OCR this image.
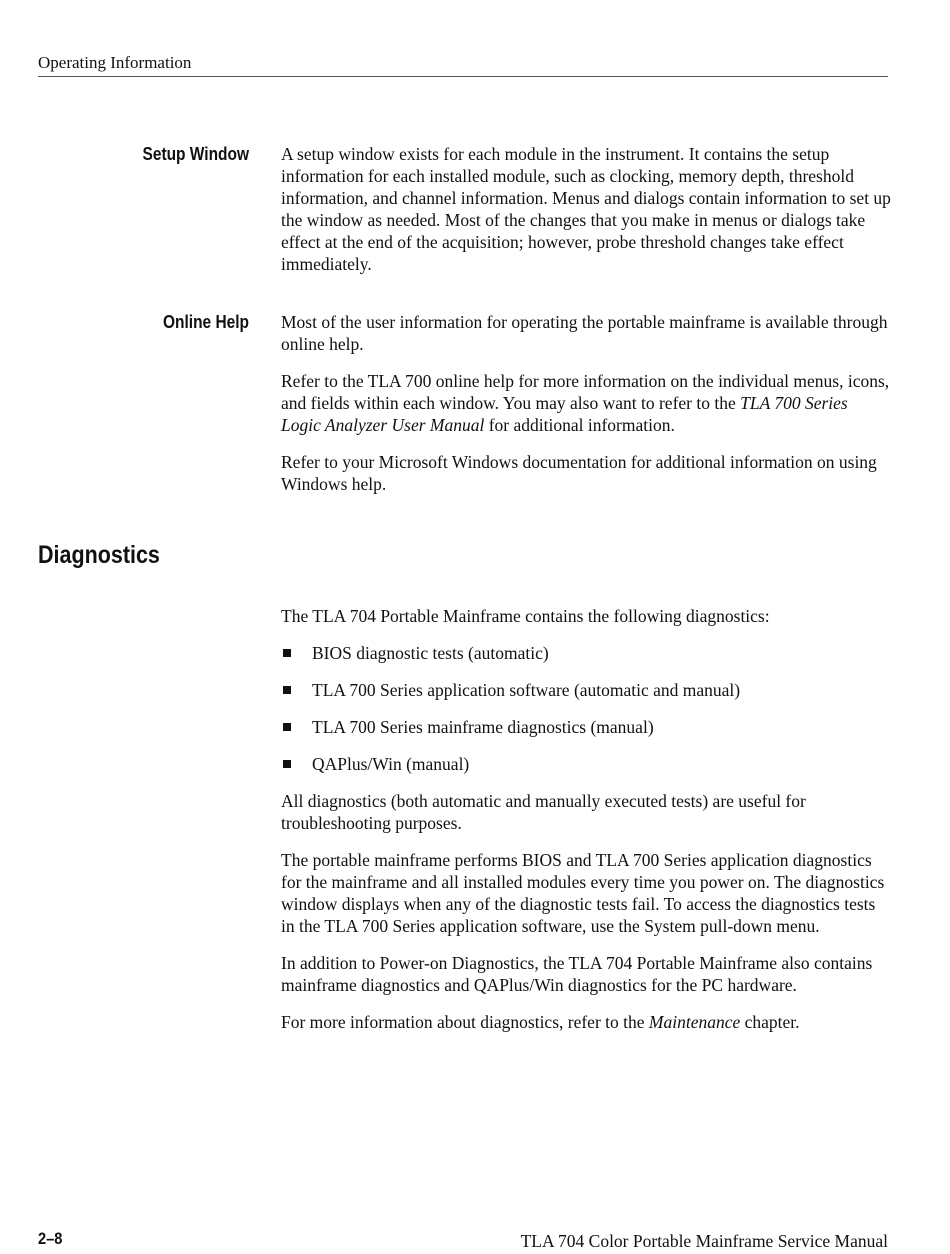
Operating Information
Setup Window A setup window exists for each module in the instrument. It contains the setup information for each installed module, such as clocking, memory depth, threshold information, and channel information. Menus and dialogs contain information to set up the window as needed. Most of the changes that you make in menus or dialogs take effect at the end of the acquisition; however, probe threshold changes take effect immediately.

Online Help Most of the user information for operating the portable mainframe is available through online help.

Refer to the TLA 700 online help for more information on the individual menus, icons, and fields within each window. You may also want to refer to the TLA 700 Series Logic Analyzer User Manual for additional information.

Refer to your Microsoft Windows documentation for additional information on using Windows help.

Diagnostics

The TLA 704 Portable Mainframe contains the following diagnostics:

BIOS diagnostic tests (automatic)
TLA 700 Series application software (automatic and manual)
TLA 700 Series mainframe diagnostics (manual)
QAPlus/Win (manual)

All diagnostics (both automatic and manually executed tests) are useful for troubleshooting purposes.

The portable mainframe performs BIOS and TLA 700 Series application diagnostics for the mainframe and all installed modules every time you power on. The diagnostics window displays when any of the diagnostic tests fail. To access the diagnostics tests in the TLA 700 Series application software, use the System pull-down menu.

In addition to Power-on Diagnostics, the TLA 704 Portable Mainframe also contains mainframe diagnostics and QAPlus/Win diagnostics for the PC hardware.

For more information about diagnostics, refer to the Maintenance chapter.

2–8	TLA 704 Color Portable Mainframe Service Manual
